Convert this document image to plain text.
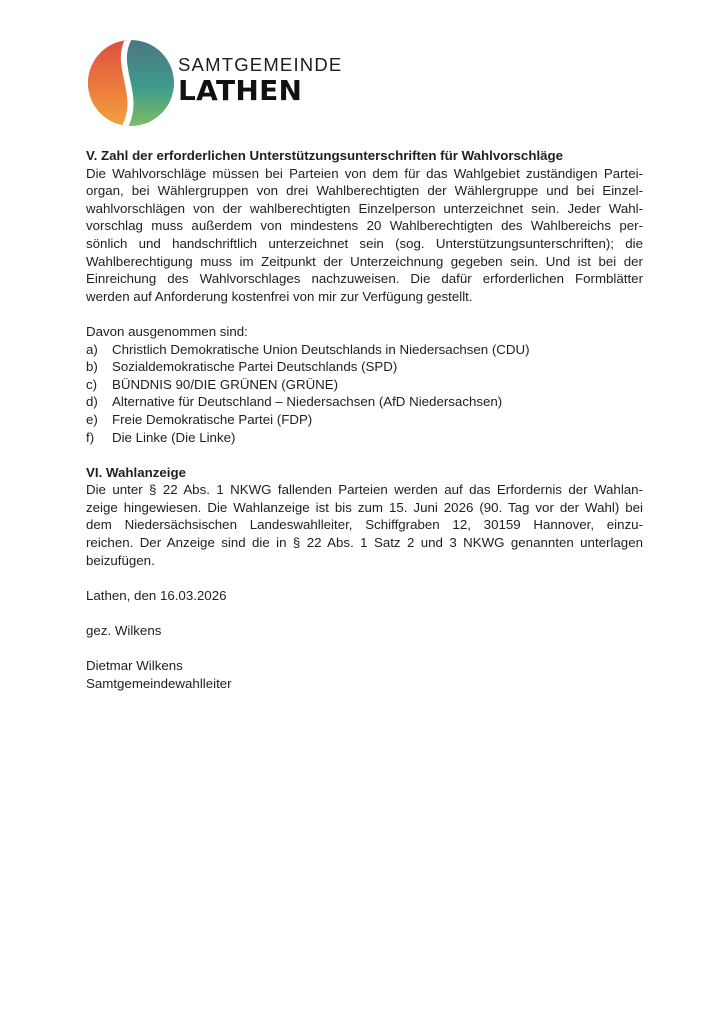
SAMTGEMEINDE
LATHEN
V. Zahl der erforderlichen Unterstützungsunterschriften für Wahlvorschläge
Die Wahlvorschläge müssen bei Parteien von dem für das Wahlgebiet zuständigen Partei-
organ, bei Wählergruppen von drei Wahlberechtigten der Wählergruppe und bei Einzel-
wahlvorschlägen von der wahlberechtigten Einzelperson unterzeichnet sein. Jeder Wahl-
vorschlag muss außerdem von mindestens 20 Wahlberechtigten des Wahlbereichs per-
sönlich und handschriftlich unterzeichnet sein (sog. Unterstützungsunterschriften); die
Wahlberechtigung muss im Zeitpunkt der Unterzeichnung gegeben sein. Und ist bei der
Einreichung des Wahlvorschlages nachzuweisen. Die dafür erforderlichen Formblätter
werden auf Anforderung kostenfrei von mir zur Verfügung gestellt.
Davon ausgenommen sind:
a)	Christlich Demokratische Union Deutschlands in Niedersachsen (CDU)
b)	Sozialdemokratische Partei Deutschlands (SPD)
c)	BÜNDNIS 90/DIE GRÜNEN (GRÜNE)
d)	Alternative für Deutschland – Niedersachsen (AfD Niedersachsen)
e)	Freie Demokratische Partei (FDP)
f)	Die Linke (Die Linke)
VI. Wahlanzeige
Die unter § 22 Abs. 1 NKWG fallenden Parteien werden auf das Erfordernis der Wahlan-
zeige hingewiesen. Die Wahlanzeige ist bis zum 15. Juni 2026 (90. Tag vor der Wahl) bei
dem Niedersächsischen Landeswahlleiter, Schiffgraben 12, 30159 Hannover, einzu-
reichen. Der Anzeige sind die in § 22 Abs. 1 Satz 2 und 3 NKWG genannten unterlagen
beizufügen.
Lathen, den 16.03.2026
gez. Wilkens
Dietmar Wilkens
Samtgemeindewahlleiter
